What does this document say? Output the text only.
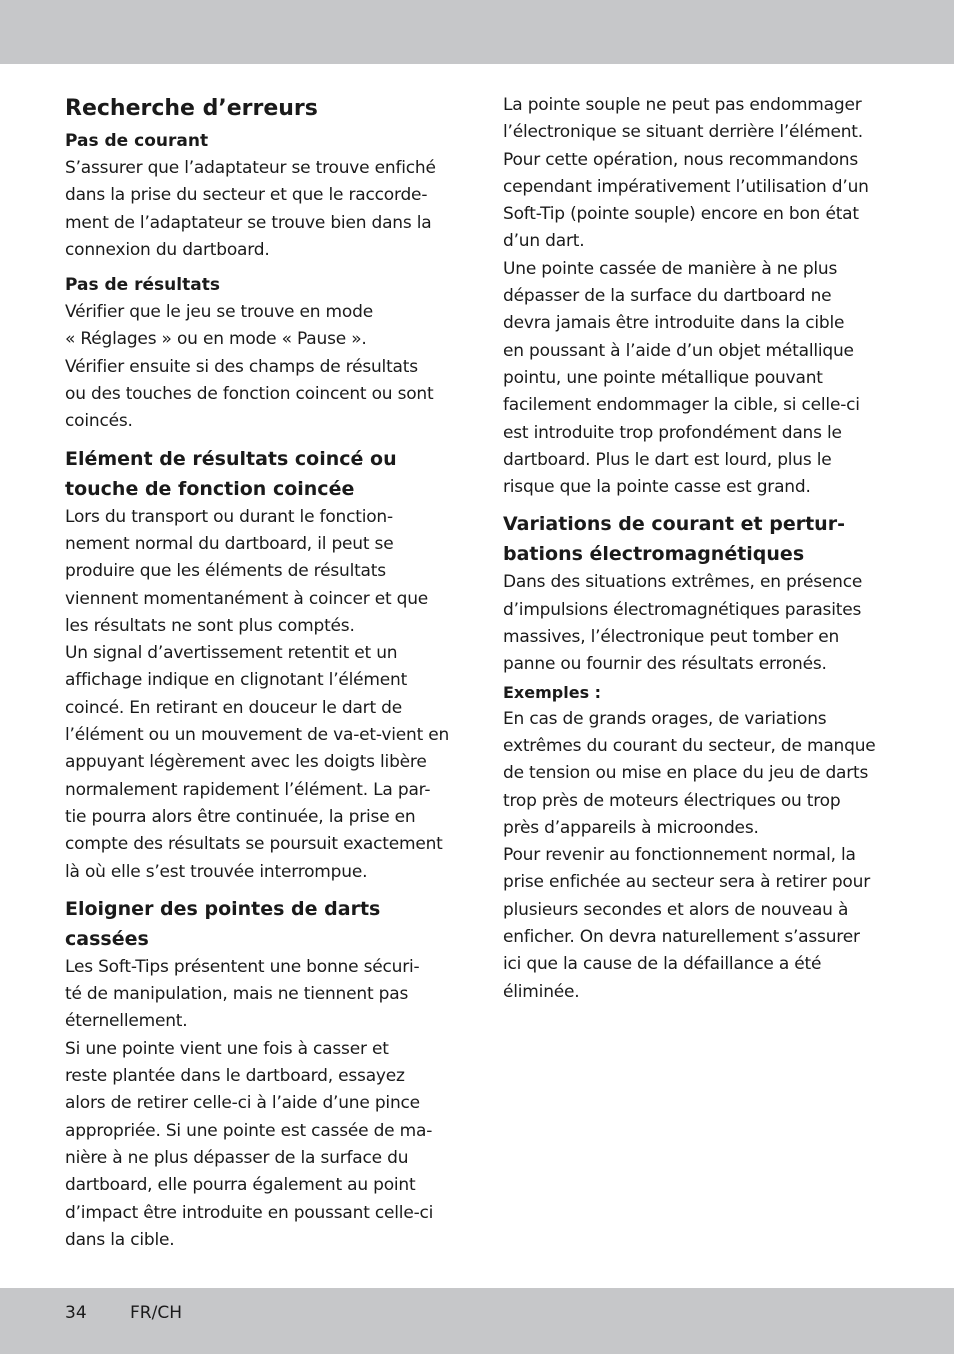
Recherche d’erreurs
Pas de courant
S’assurer que l’adaptateur se trouve enfiché
dans la prise du secteur et que le raccorde-
ment de l’adaptateur se trouve bien dans la
connexion du dartboard.
Pas de résultats
Vérifier que le jeu se trouve en mode
« Réglages » ou en mode « Pause ».
Vérifier ensuite si des champs de résultats
ou des touches de fonction coincent ou sont
coincés.
Elément de résultats coincé ou
touche de fonction coincée
Lors du transport ou durant le fonction-
nement normal du dartboard, il peut se
produire que les éléments de résultats
viennent momentanément à coincer et que
les résultats ne sont plus comptés.
Un signal d’avertissement retentit et un
affichage indique en clignotant l’élément
coincé. En retirant en douceur le dart de
l’élément ou un mouvement de va-et-vient en
appuyant légèrement avec les doigts libère
normalement rapidement l’élément. La par-
tie pourra alors être continuée, la prise en
compte des résultats se poursuit exactement
là où elle s’est trouvée interrompue.
Eloigner des pointes de darts
cassées
Les Soft-Tips présentent une bonne sécuri-
té de manipulation, mais ne tiennent pas
éternellement.
Si une pointe vient une fois à casser et
reste plantée dans le dartboard, essayez
alors de retirer celle-ci à l’aide d’une pince
appropriée. Si une pointe est cassée de ma-
nière à ne plus dépasser de la surface du
dartboard, elle pourra également au point
d’impact être introduite en poussant celle-ci
dans la cible.
La pointe souple ne peut pas endommager
l’électronique se situant derrière l’élément.
Pour cette opération, nous recommandons
cependant impérativement l’utilisation d’un
Soft-Tip (pointe souple) encore en bon état
d’un dart.
Une pointe cassée de manière à ne plus
dépasser de la surface du dartboard ne
devra jamais être introduite dans la cible
en poussant à l’aide d’un objet métallique
pointu, une pointe métallique pouvant
facilement endommager la cible, si celle-ci
est introduite trop profondément dans le
dartboard. Plus le dart est lourd, plus le
risque que la pointe casse est grand.
Variations de courant et pertur-
bations électromagnétiques
Dans des situations extrêmes, en présence
d’impulsions électromagnétiques parasites
massives, l’électronique peut tomber en
panne ou fournir des résultats erronés.
Exemples :
En cas de grands orages, de variations
extrêmes du courant du secteur, de manque
de tension ou mise en place du jeu de darts
trop près de moteurs électriques ou trop
près d’appareils à microondes.
Pour revenir au fonctionnement normal, la
prise enfichée au secteur sera à retirer pour
plusieurs secondes et alors de nouveau à
enficher. On devra naturellement s’assurer
ici que la cause de la défaillance a été
éliminée.
34	FR/CH
